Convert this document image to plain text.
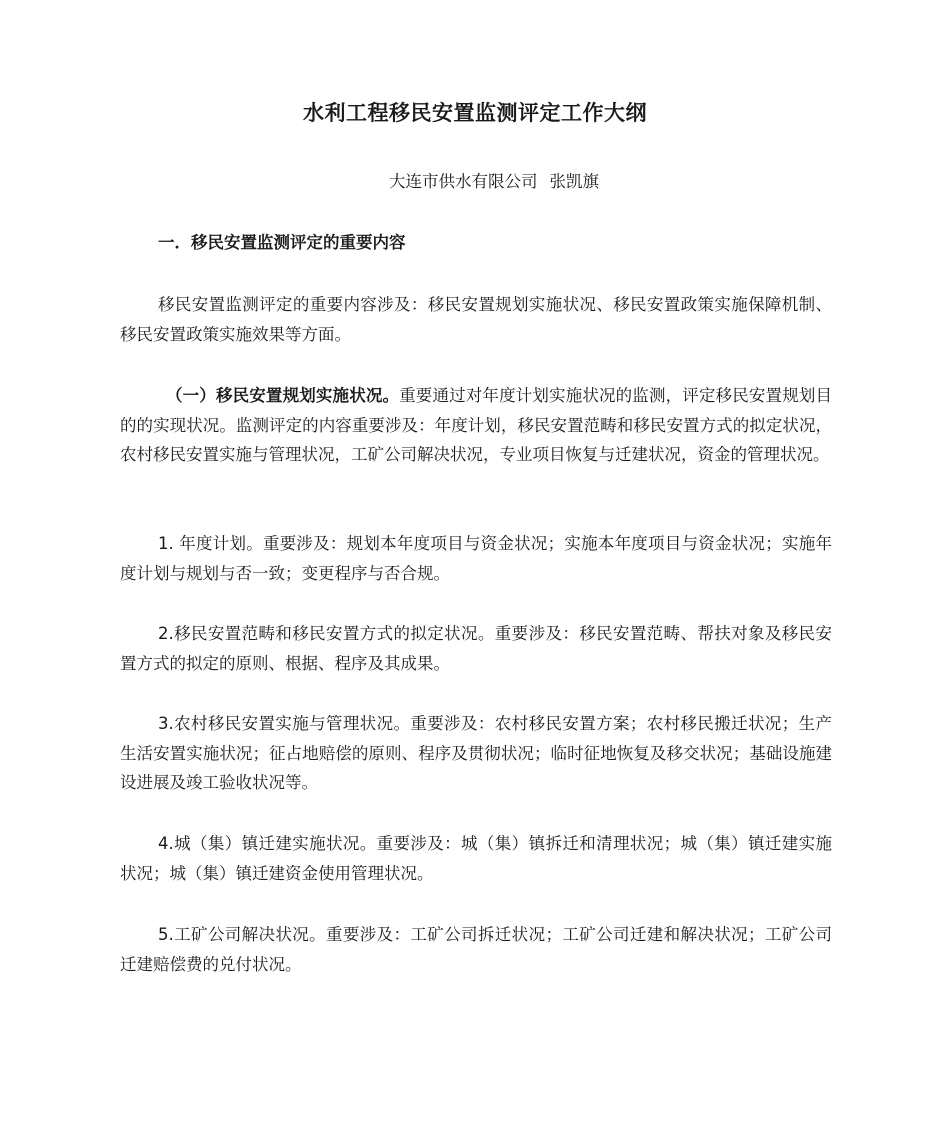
水利工程移民安置监测评定工作大纲

大连市供水有限公司 张凯旗

一．移民安置监测评定的重要内容

移民安置监测评定的重要内容涉及：移民安置规划实施状况、移民安置政策实施保障机制、移民安置政策实施效果等方面。

（一）移民安置规划实施状况。重要通过对年度计划实施状况的监测，评定移民安置规划目的的实现状况。监测评定的内容重要涉及：年度计划，移民安置范畴和移民安置方式的拟定状况，农村移民安置实施与管理状况，工矿公司解决状况，专业项目恢复与迁建状况，资金的管理状况。

1. 年度计划。重要涉及：规划本年度项目与资金状况；实施本年度项目与资金状况；实施年度计划与规划与否一致；变更程序与否合规。

2.移民安置范畴和移民安置方式的拟定状况。重要涉及：移民安置范畴、帮扶对象及移民安置方式的拟定的原则、根据、程序及其成果。

3.农村移民安置实施与管理状况。重要涉及：农村移民安置方案；农村移民搬迁状况；生产生活安置实施状况；征占地赔偿的原则、程序及贯彻状况；临时征地恢复及移交状况；基础设施建设进展及竣工验收状况等。

4.城（集）镇迁建实施状况。重要涉及：城（集）镇拆迁和清理状况；城（集）镇迁建实施状况；城（集）镇迁建资金使用管理状况。

5.工矿公司解决状况。重要涉及：工矿公司拆迁状况；工矿公司迁建和解决状况；工矿公司迁建赔偿费的兑付状况。
